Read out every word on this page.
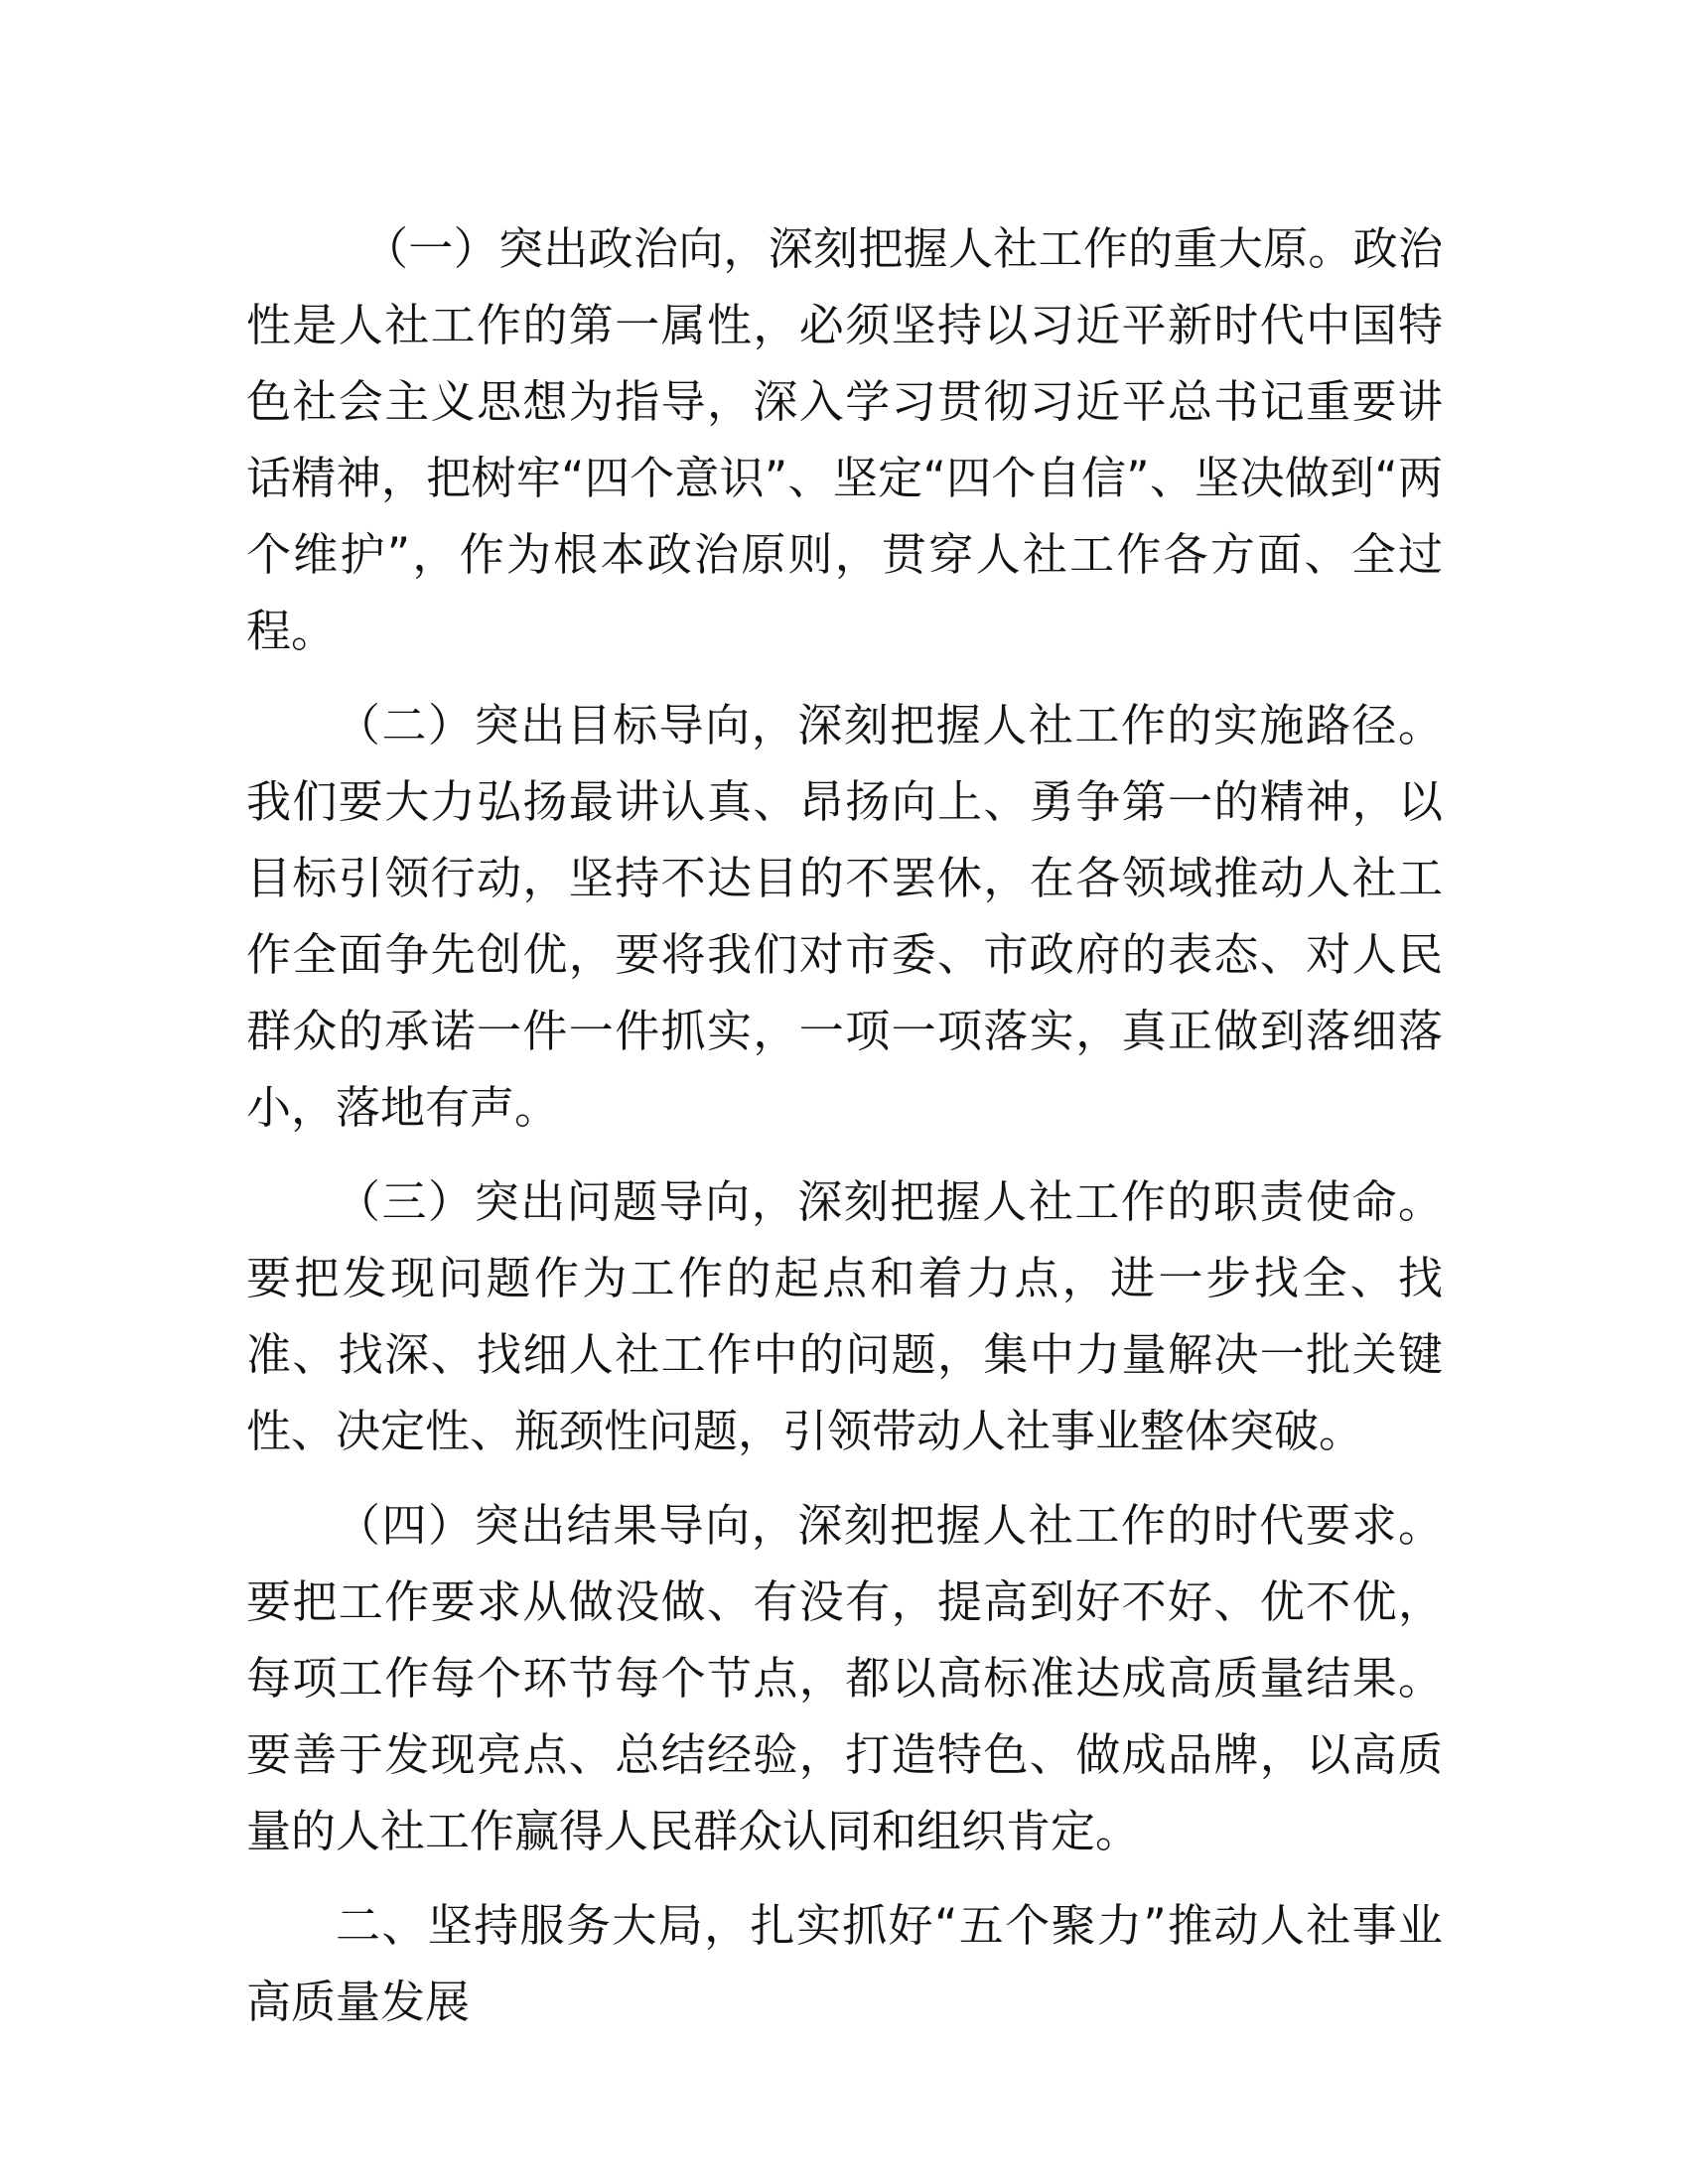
（一）突出政治向，深刻把握人社工作的重大原。政治性是人社工作的第一属性，必须坚持以习近平新时代中国特色社会主义思想为指导，深入学习贯彻习近平总书记重要讲话精神，把树牢“四个意识”、坚定“四个自信”、坚决做到“两个维护”，作为根本政治原则，贯穿人社工作各方面、全过程。

（二）突出目标导向，深刻把握人社工作的实施路径。我们要大力弘扬最讲认真、昂扬向上、勇争第一的精神，以目标引领行动，坚持不达目的不罢休，在各领域推动人社工作全面争先创优，要将我们对市委、市政府的表态、对人民群众的承诺一件一件抓实，一项一项落实，真正做到落细落小，落地有声。

（三）突出问题导向，深刻把握人社工作的职责使命。要把发现问题作为工作的起点和着力点，进一步找全、找准、找深、找细人社工作中的问题，集中力量解决一批关键性、决定性、瓶颈性问题，引领带动人社事业整体突破。

（四）突出结果导向，深刻把握人社工作的时代要求。要把工作要求从做没做、有没有，提高到好不好、优不优，每项工作每个环节每个节点，都以高标准达成高质量结果。要善于发现亮点、总结经验，打造特色、做成品牌，以高质量的人社工作赢得人民群众认同和组织肯定。

二、坚持服务大局，扎实抓好“五个聚力”推动人社事业高质量发展
